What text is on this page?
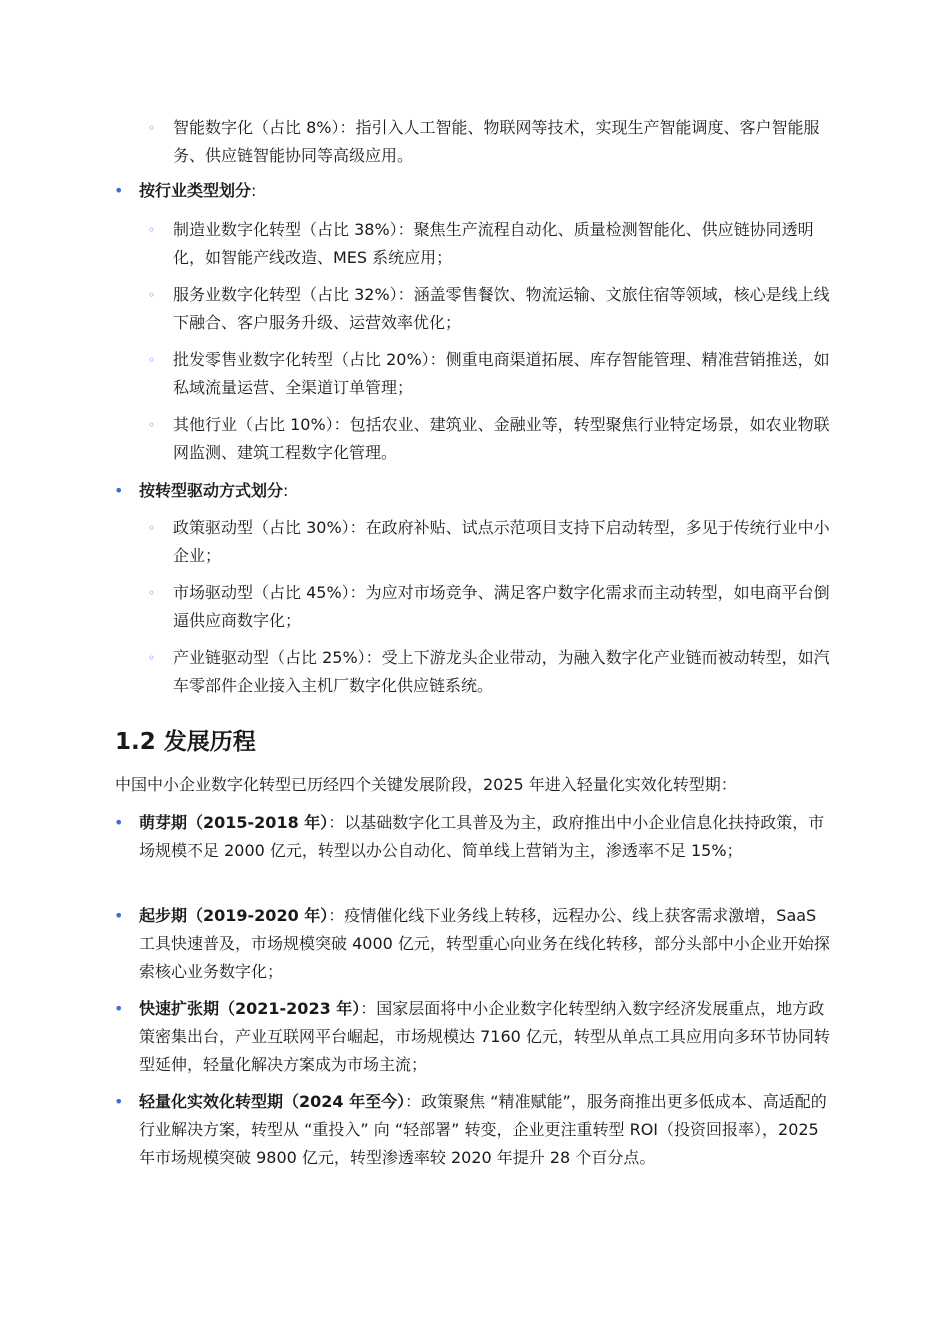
◦ 智能数字化（占比 8%）：指引入人工智能、物联网等技术，实现生产智能调度、客户智能服务、供应链智能协同等高级应用。
• 按行业类型划分:
◦ 制造业数字化转型（占比 38%）：聚焦生产流程自动化、质量检测智能化、供应链协同透明化，如智能产线改造、MES 系统应用；
◦ 服务业数字化转型（占比 32%）：涵盖零售餐饮、物流运输、文旅住宿等领域，核心是线上线下融合、客户服务升级、运营效率优化；
◦ 批发零售业数字化转型（占比 20%）：侧重电商渠道拓展、库存智能管理、精准营销推送，如私域流量运营、全渠道订单管理；
◦ 其他行业（占比 10%）：包括农业、建筑业、金融业等，转型聚焦行业特定场景，如农业物联网监测、建筑工程数字化管理。
• 按转型驱动方式划分:
◦ 政策驱动型（占比 30%）：在政府补贴、试点示范项目支持下启动转型，多见于传统行业中小企业；
◦ 市场驱动型（占比 45%）：为应对市场竞争、满足客户数字化需求而主动转型，如电商平台倒逼供应商数字化；
◦ 产业链驱动型（占比 25%）：受上下游龙头企业带动，为融入数字化产业链而被动转型，如汽车零部件企业接入主机厂数字化供应链系统。
1.2 发展历程
中国中小企业数字化转型已历经四个关键发展阶段，2025 年进入轻量化实效化转型期：
• 萌芽期（2015-2018 年）：以基础数字化工具普及为主，政府推出中小企业信息化扶持政策，市场规模不足 2000 亿元，转型以办公自动化、简单线上营销为主，渗透率不足 15%；
• 起步期（2019-2020 年）：疫情催化线下业务线上转移，远程办公、线上获客需求激增，SaaS 工具快速普及，市场规模突破 4000 亿元，转型重心向业务在线化转移，部分头部中小企业开始探索核心业务数字化；
• 快速扩张期（2021-2023 年）：国家层面将中小企业数字化转型纳入数字经济发展重点，地方政策密集出台，产业互联网平台崛起，市场规模达 7160 亿元，转型从单点工具应用向多环节协同转型延伸，轻量化解决方案成为市场主流；
• 轻量化实效化转型期（2024 年至今）：政策聚焦 “精准赋能”，服务商推出更多低成本、高适配的行业解决方案，转型从 “重投入” 向 “轻部署” 转变，企业更注重转型 ROI（投资回报率），2025 年市场规模突破 9800 亿元，转型渗透率较 2020 年提升 28 个百分点。
